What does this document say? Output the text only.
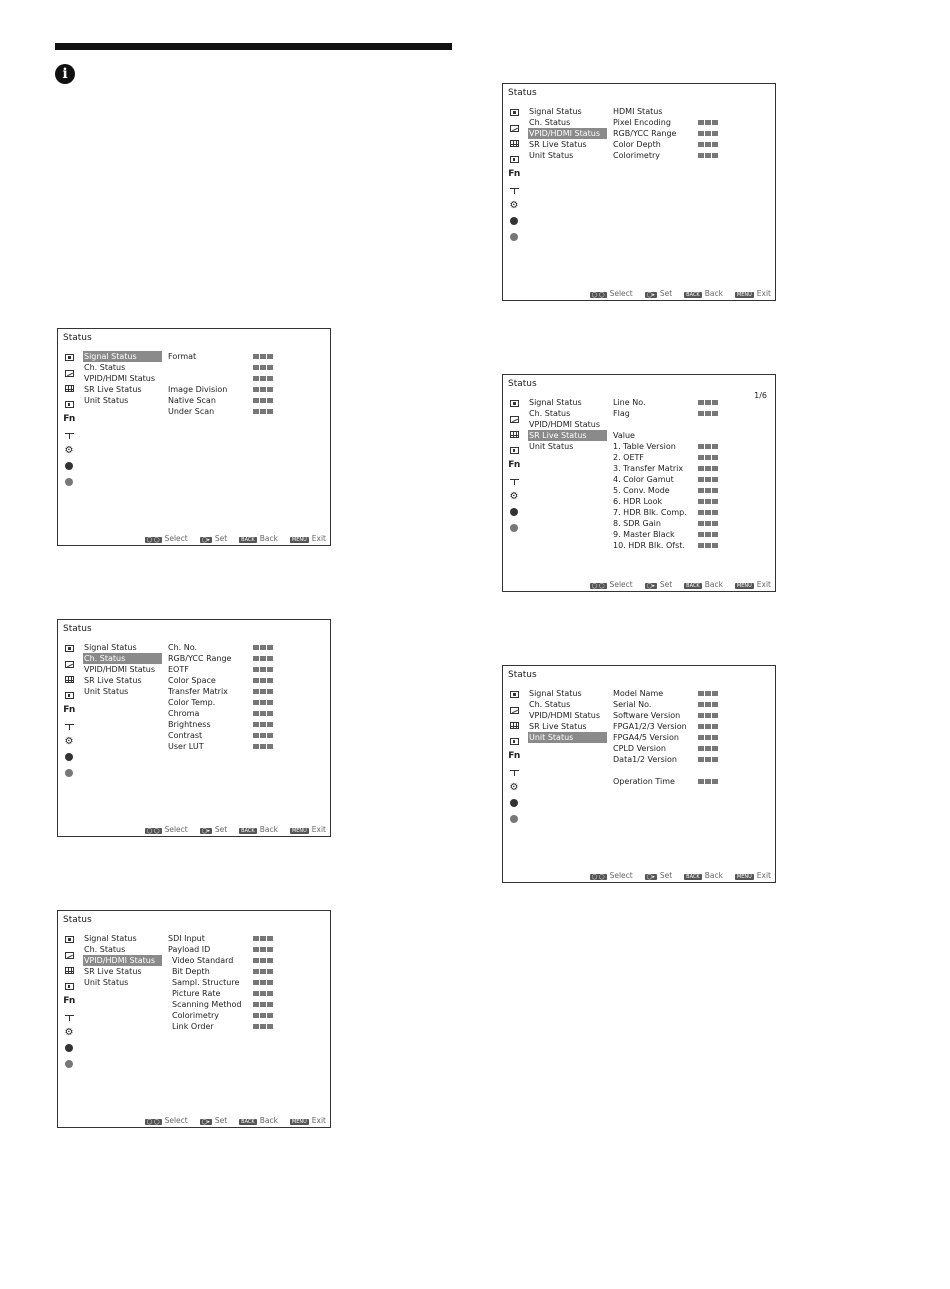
i
Status
Fn
⚙
Signal Status
Ch. Status
VPID/HDMI Status
SR Live Status
Unit Status
Format
Image Division
Native Scan
Under Scan
◯ ◯ Select	◯▸ Set	BACK Back	MENU Exit
Status
Fn
⚙
Signal Status
Ch. Status
VPID/HDMI Status
SR Live Status
Unit Status
Ch. No.
RGB/YCC Range
EOTF
Color Space
Transfer Matrix
Color Temp.
Chroma
Brightness
Contrast
User LUT
◯ ◯ Select	◯▸ Set	BACK Back	MENU Exit
Status
Fn
⚙
Signal Status
Ch. Status
VPID/HDMI Status
SR Live Status
Unit Status
SDI Input
Payload ID
Video Standard
Bit Depth
Sampl. Structure
Picture Rate
Scanning Method
Colorimetry
Link Order
◯ ◯ Select	◯▸ Set	BACK Back	MENU Exit
Status
Fn
⚙
Signal Status
Ch. Status
VPID/HDMI Status
SR Live Status
Unit Status
HDMI Status
Pixel Encoding
RGB/YCC Range
Color Depth
Colorimetry
◯ ◯ Select	◯▸ Set	BACK Back	MENU Exit
Status
1/6
Fn
⚙
Signal Status
Ch. Status
VPID/HDMI Status
SR Live Status
Unit Status
Line No.
Flag
Value
1. Table Version
2. OETF
3. Transfer Matrix
4. Color Gamut
5. Conv. Mode
6. HDR Look
7. HDR Blk. Comp.
8. SDR Gain
9. Master Black
10. HDR Blk. Ofst.
◯ ◯ Select	◯▸ Set	BACK Back	MENU Exit
Status
Fn
⚙
Signal Status
Ch. Status
VPID/HDMI Status
SR Live Status
Unit Status
Model Name
Serial No.
Software Version
FPGA1/2/3 Version
FPGA4/5 Version
CPLD Version
Data1/2 Version
Operation Time
◯ ◯ Select	◯▸ Set	BACK Back	MENU Exit
